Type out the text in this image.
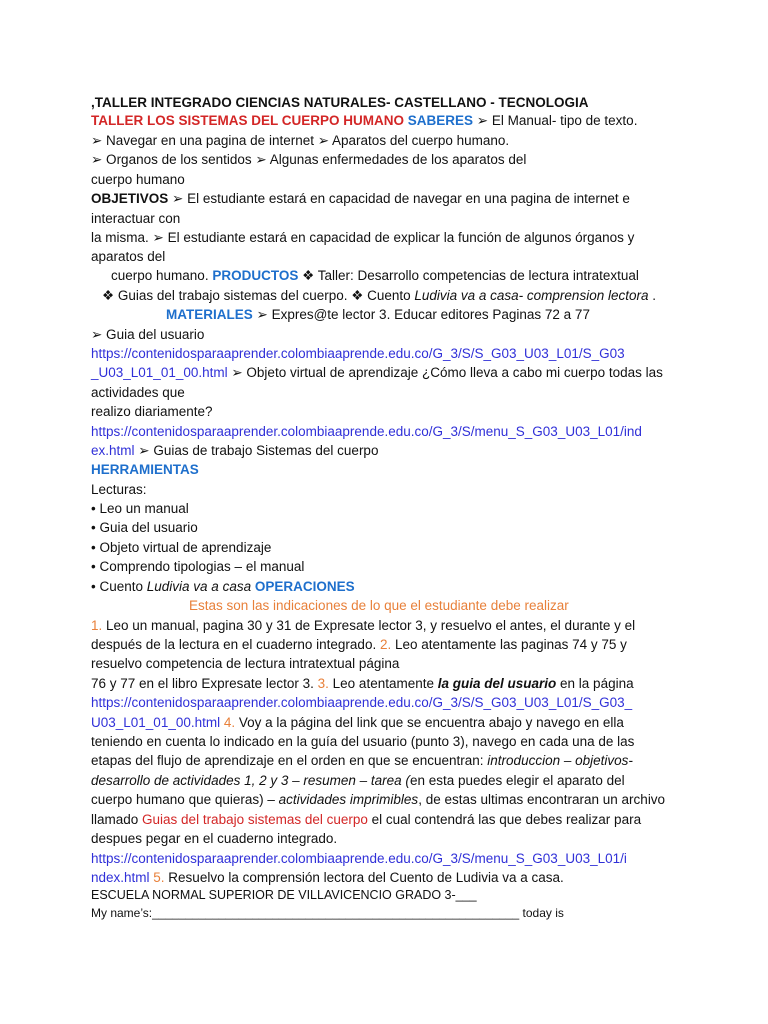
,TALLER INTEGRADO CIENCIAS NATURALES- CASTELLANO - TECNOLOGIA
TALLER LOS SISTEMAS DEL CUERPO HUMANO SABERES ➢ El Manual- tipo de texto.
➢ Navegar en una pagina de internet ➢ Aparatos del cuerpo humano.
➢ Organos de los sentidos ➢ Algunas enfermedades de los aparatos del
cuerpo humano
OBJETIVOS ➢ El estudiante estará en capacidad de navegar en una pagina de internet e
interactuar con
la misma. ➢ El estudiante estará en capacidad de explicar la función de algunos órganos y
aparatos del
cuerpo humano. PRODUCTOS ❖ Taller: Desarrollo competencias de lectura intratextual
❖ Guias del trabajo sistemas del cuerpo. ❖ Cuento Ludivia va a casa- comprension lectora .
MATERIALES ➢ Expres@te lector 3. Educar editores Paginas 72 a 77
➢ Guia del usuario
https://contenidosparaaprender.colombiaaprende.edu.co/G_3/S/S_G03_U03_L01/S_G03
_U03_L01_01_00.html ➢ Objeto virtual de aprendizaje ¿Cómo lleva a cabo mi cuerpo todas las
actividades que
realizo diariamente?
https://contenidosparaaprender.colombiaaprende.edu.co/G_3/S/menu_S_G03_U03_L01/ind
ex.html ➢ Guias de trabajo Sistemas del cuerpo
HERRAMIENTAS
Lecturas:
• Leo un manual
• Guia del usuario
• Objeto virtual de aprendizaje
• Comprendo tipologias – el manual
• Cuento Ludivia va a casa OPERACIONES
Estas son las indicaciones de lo que el estudiante debe realizar
1. Leo un manual, pagina 30 y 31 de Expresate lector 3, y resuelvo el antes, el durante y el
después de la lectura en el cuaderno integrado. 2. Leo atentamente las paginas 74 y 75 y
resuelvo competencia de lectura intratextual página
76 y 77 en el libro Expresate lector 3. 3. Leo atentamente la guia del usuario en la página
https://contenidosparaaprender.colombiaaprende.edu.co/G_3/S/S_G03_U03_L01/S_G03_
U03_L01_01_00.html 4. Voy a la página del link que se encuentra abajo y navego en ella
teniendo en cuenta lo indicado en la guía del usuario (punto 3), navego en cada una de las
etapas del flujo de aprendizaje en el orden en que se encuentran: introduccion – objetivos-
desarrollo de actividades 1, 2 y 3 – resumen – tarea (en esta puedes elegir el aparato del
cuerpo humano que quieras) – actividades imprimibles, de estas ultimas encontraran un archivo
llamado Guias del trabajo sistemas del cuerpo el cual contendrá las que debes realizar para
despues pegar en el cuaderno integrado.
https://contenidosparaaprender.colombiaaprende.edu.co/G_3/S/menu_S_G03_U03_L01/i
ndex.html 5. Resuelvo la comprensión lectora del Cuento de Ludivia va a casa.
ESCUELA NORMAL SUPERIOR DE VILLAVICENCIO GRADO 3-___
My name’s:_______________________________________________________ today is
